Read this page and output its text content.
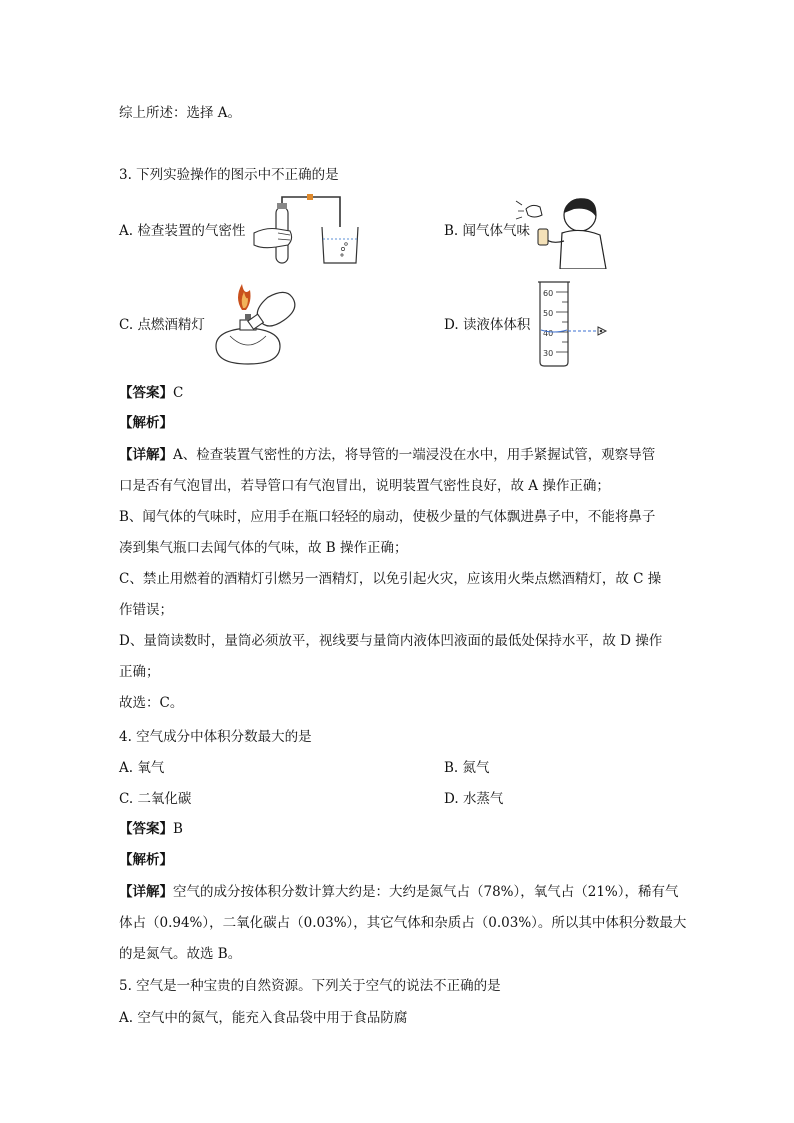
综上所述：选择 A。
3. 下列实验操作的图示中不正确的是
A. 检查装置的气密性	B. 闻气体气味
C. 点燃酒精灯	D. 读液体体积
60
50
40
30
【答案】C
【解析】
【详解】A、检查装置气密性的方法，将导管的一端浸没在水中，用手紧握试管，观察导管
口是否有气泡冒出，若导管口有气泡冒出，说明装置气密性良好，故 A 操作正确；
B、闻气体的气味时，应用手在瓶口轻轻的扇动，使极少量的气体飘进鼻子中，不能将鼻子
凑到集气瓶口去闻气体的气味，故 B 操作正确；
C、禁止用燃着的酒精灯引燃另一酒精灯，以免引起火灾，应该用火柴点燃酒精灯，故 C 操
作错误；
D、量筒读数时，量筒必须放平，视线要与量筒内液体凹液面的最低处保持水平，故 D 操作
正确；
故选：C。
4. 空气成分中体积分数最大的是
A. 氧气	B. 氮气
C. 二氧化碳	D. 水蒸气
【答案】B
【解析】
【详解】空气的成分按体积分数计算大约是：大约是氮气占（78%），氧气占（21%），稀有气
体占（0.94%），二氧化碳占（0.03%），其它气体和杂质占（0.03%）。所以其中体积分数最大
的是氮气。故选 B。
5. 空气是一种宝贵的自然资源。下列关于空气的说法不正确的是
A. 空气中的氮气，能充入食品袋中用于食品防腐
